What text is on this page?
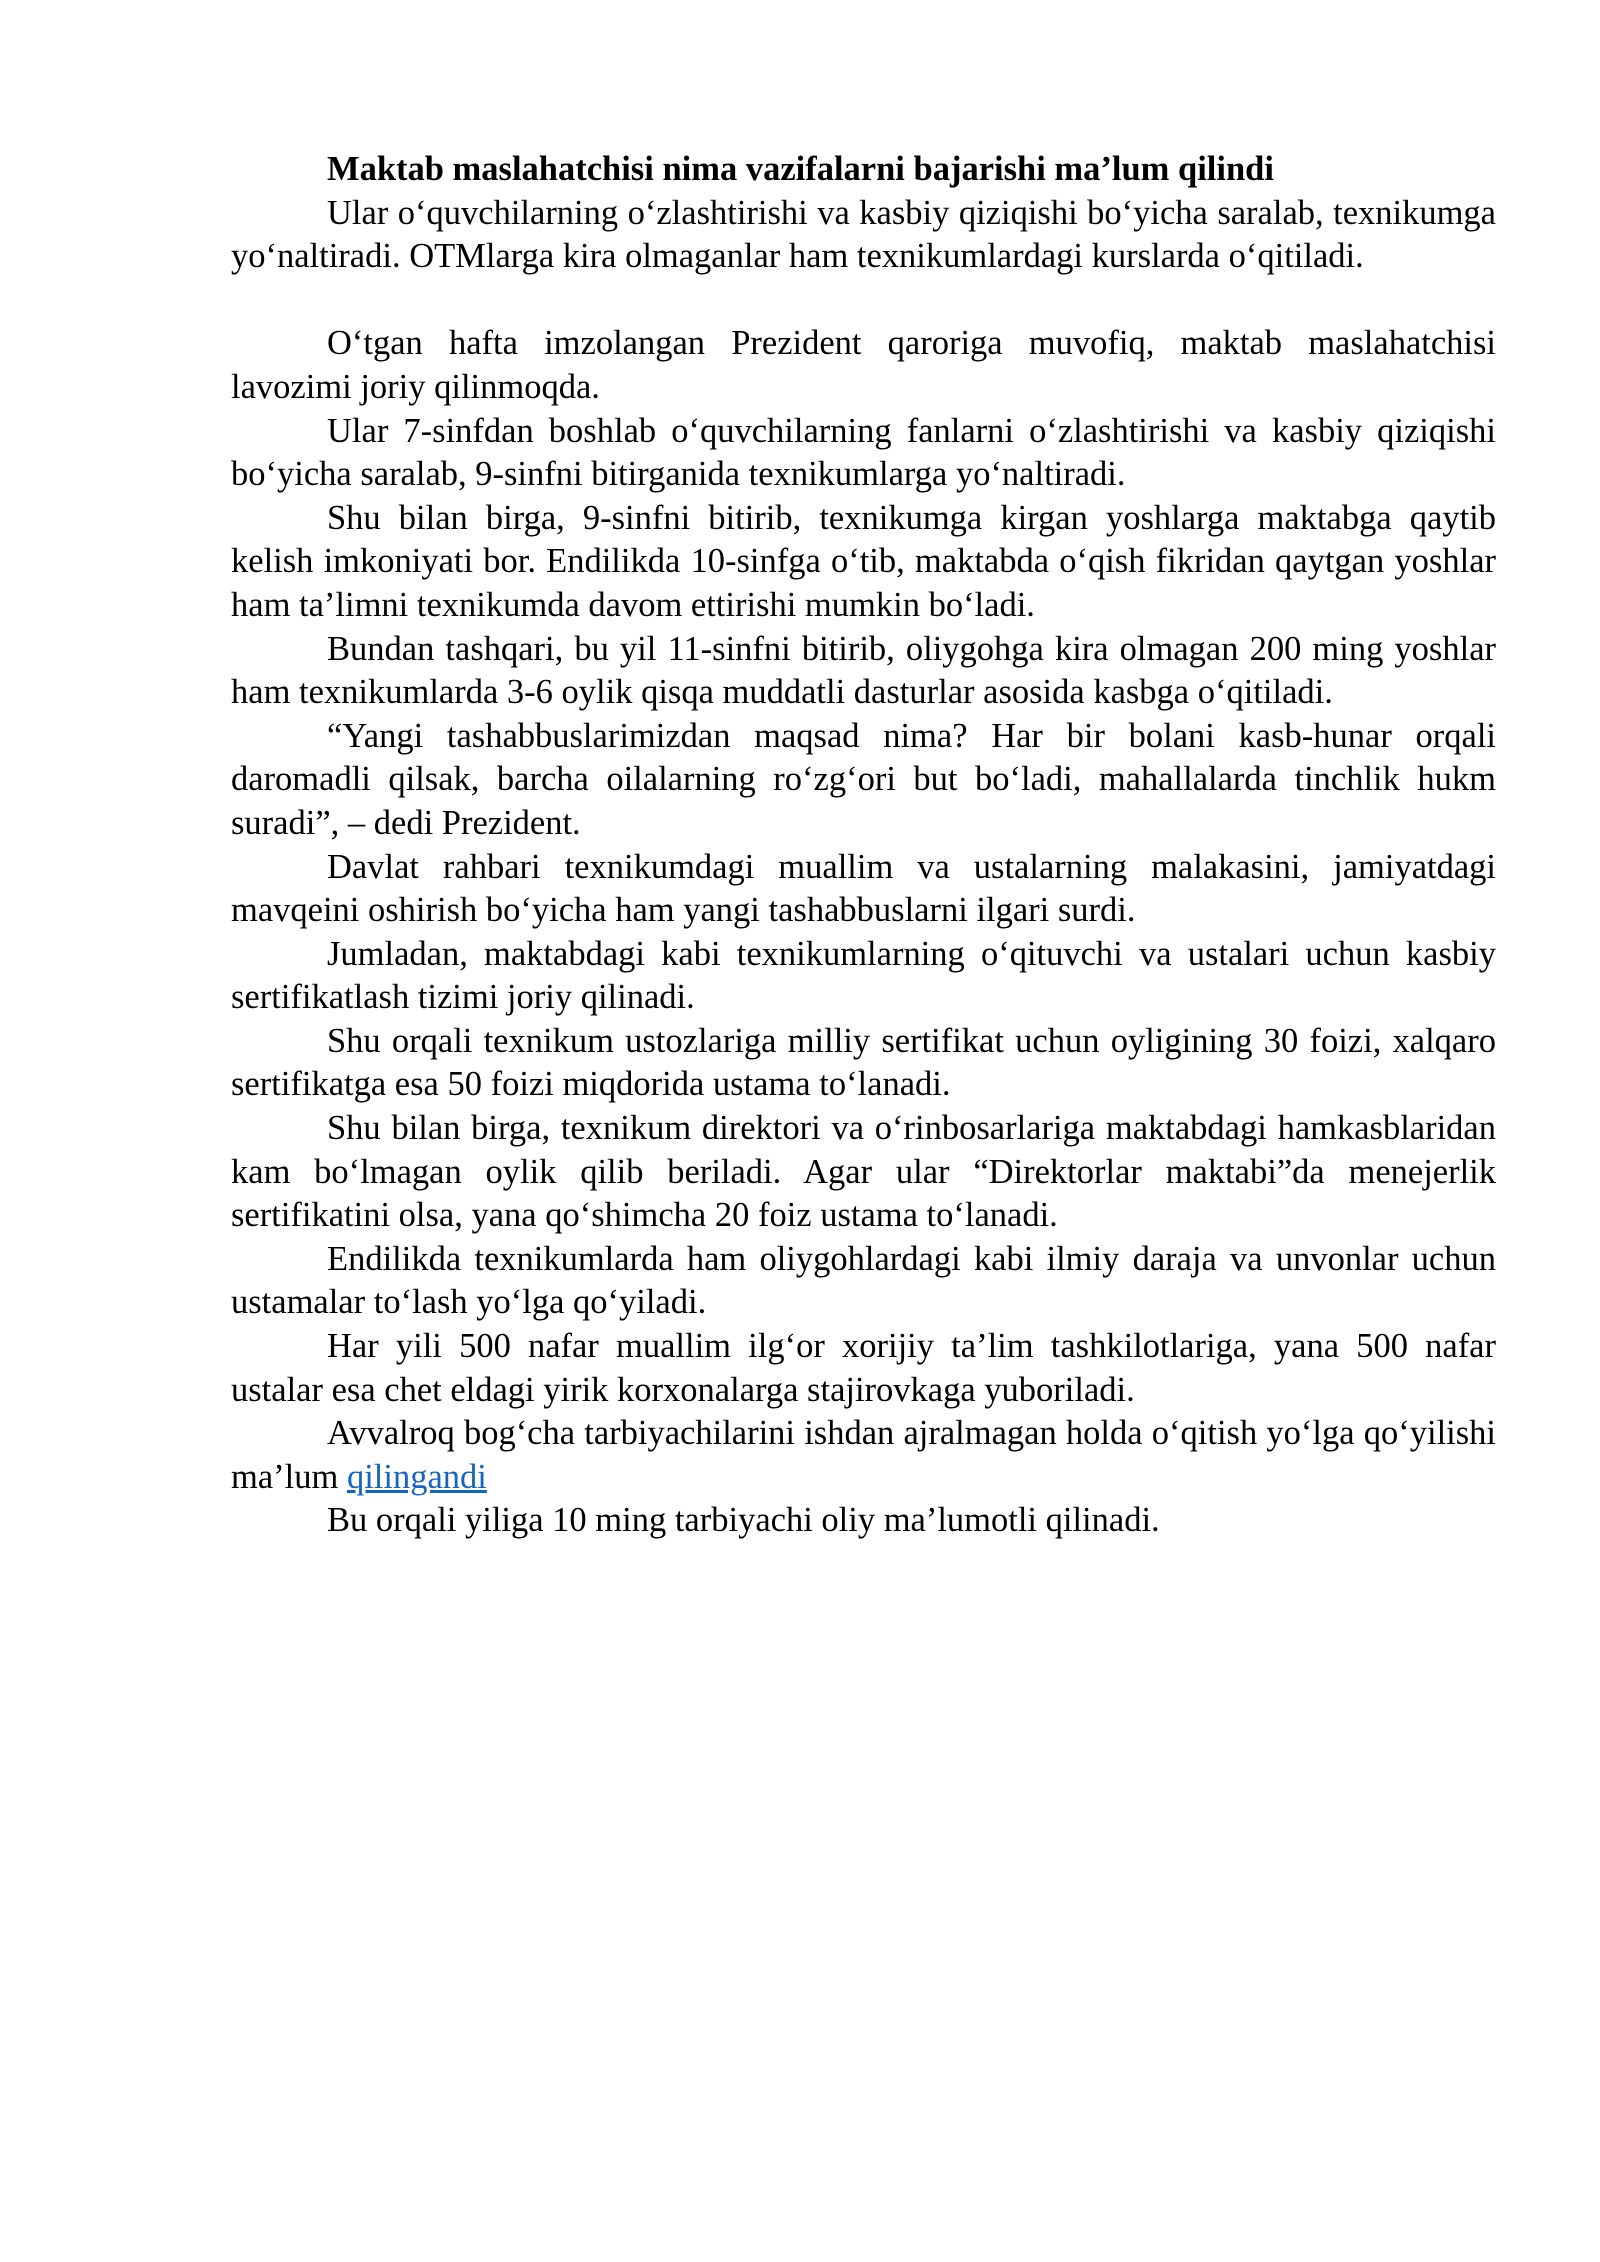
Maktab maslahatchisi nima vazifalarni bajarishi ma’lum qilindi

Ular o‘quvchilarning o‘zlashtirishi va kasbiy qiziqishi bo‘yicha saralab, texnikumga yo‘naltiradi. OTMlarga kira olmaganlar ham texnikumlardagi kurslarda o‘qitiladi.

O‘tgan hafta imzolangan Prezident qaroriga muvofiq, maktab maslahatchisi lavozimi joriy qilinmoqda.

Ular 7-sinfdan boshlab o‘quvchilarning fanlarni o‘zlashtirishi va kasbiy qiziqishi bo‘yicha saralab, 9-sinfni bitirganida texnikumlarga yo‘naltiradi.

Shu bilan birga, 9-sinfni bitirib, texnikumga kirgan yoshlarga maktabga qaytib kelish imkoniyati bor. Endilikda 10-sinfga o‘tib, maktabda o‘qish fikridan qaytgan yoshlar ham ta’limni texnikumda davom ettirishi mumkin bo‘ladi.

Bundan tashqari, bu yil 11-sinfni bitirib, oliygohga kira olmagan 200 ming yoshlar ham texnikumlarda 3-6 oylik qisqa muddatli dasturlar asosida kasbga o‘qitiladi.

“Yangi tashabbuslarimizdan maqsad nima? Har bir bolani kasb-hunar orqali daromadli qilsak, barcha oilalarning ro‘zg‘ori but bo‘ladi, mahallalarda tinchlik hukm suradi”, – dedi Prezident.

Davlat rahbari texnikumdagi muallim va ustalarning malakasini, jamiyatdagi mavqeini oshirish bo‘yicha ham yangi tashabbuslarni ilgari surdi.

Jumladan, maktabdagi kabi texnikumlarning o‘qituvchi va ustalari uchun kasbiy sertifikatlash tizimi joriy qilinadi.

Shu orqali texnikum ustozlariga milliy sertifikat uchun oyligining 30 foizi, xalqaro sertifikatga esa 50 foizi miqdorida ustama to‘lanadi.

Shu bilan birga, texnikum direktori va o‘rinbosarlariga maktabdagi hamkasblaridan kam bo‘lmagan oylik qilib beriladi. Agar ular “Direktorlar maktabi”da menejerlik sertifikatini olsa, yana qo‘shimcha 20 foiz ustama to‘lanadi.

Endilikda texnikumlarda ham oliygohlardagi kabi ilmiy daraja va unvonlar uchun ustamalar to‘lash yo‘lga qo‘yiladi.

Har yili 500 nafar muallim ilg‘or xorijiy ta’lim tashkilotlariga, yana 500 nafar ustalar esa chet eldagi yirik korxonalarga stajirovkaga yuboriladi.

Avvalroq bog‘cha tarbiyachilarini ishdan ajralmagan holda o‘qitish yo‘lga qo‘yilishi ma’lum qilingandi

Bu orqali yiliga 10 ming tarbiyachi oliy ma’lumotli qilinadi.
